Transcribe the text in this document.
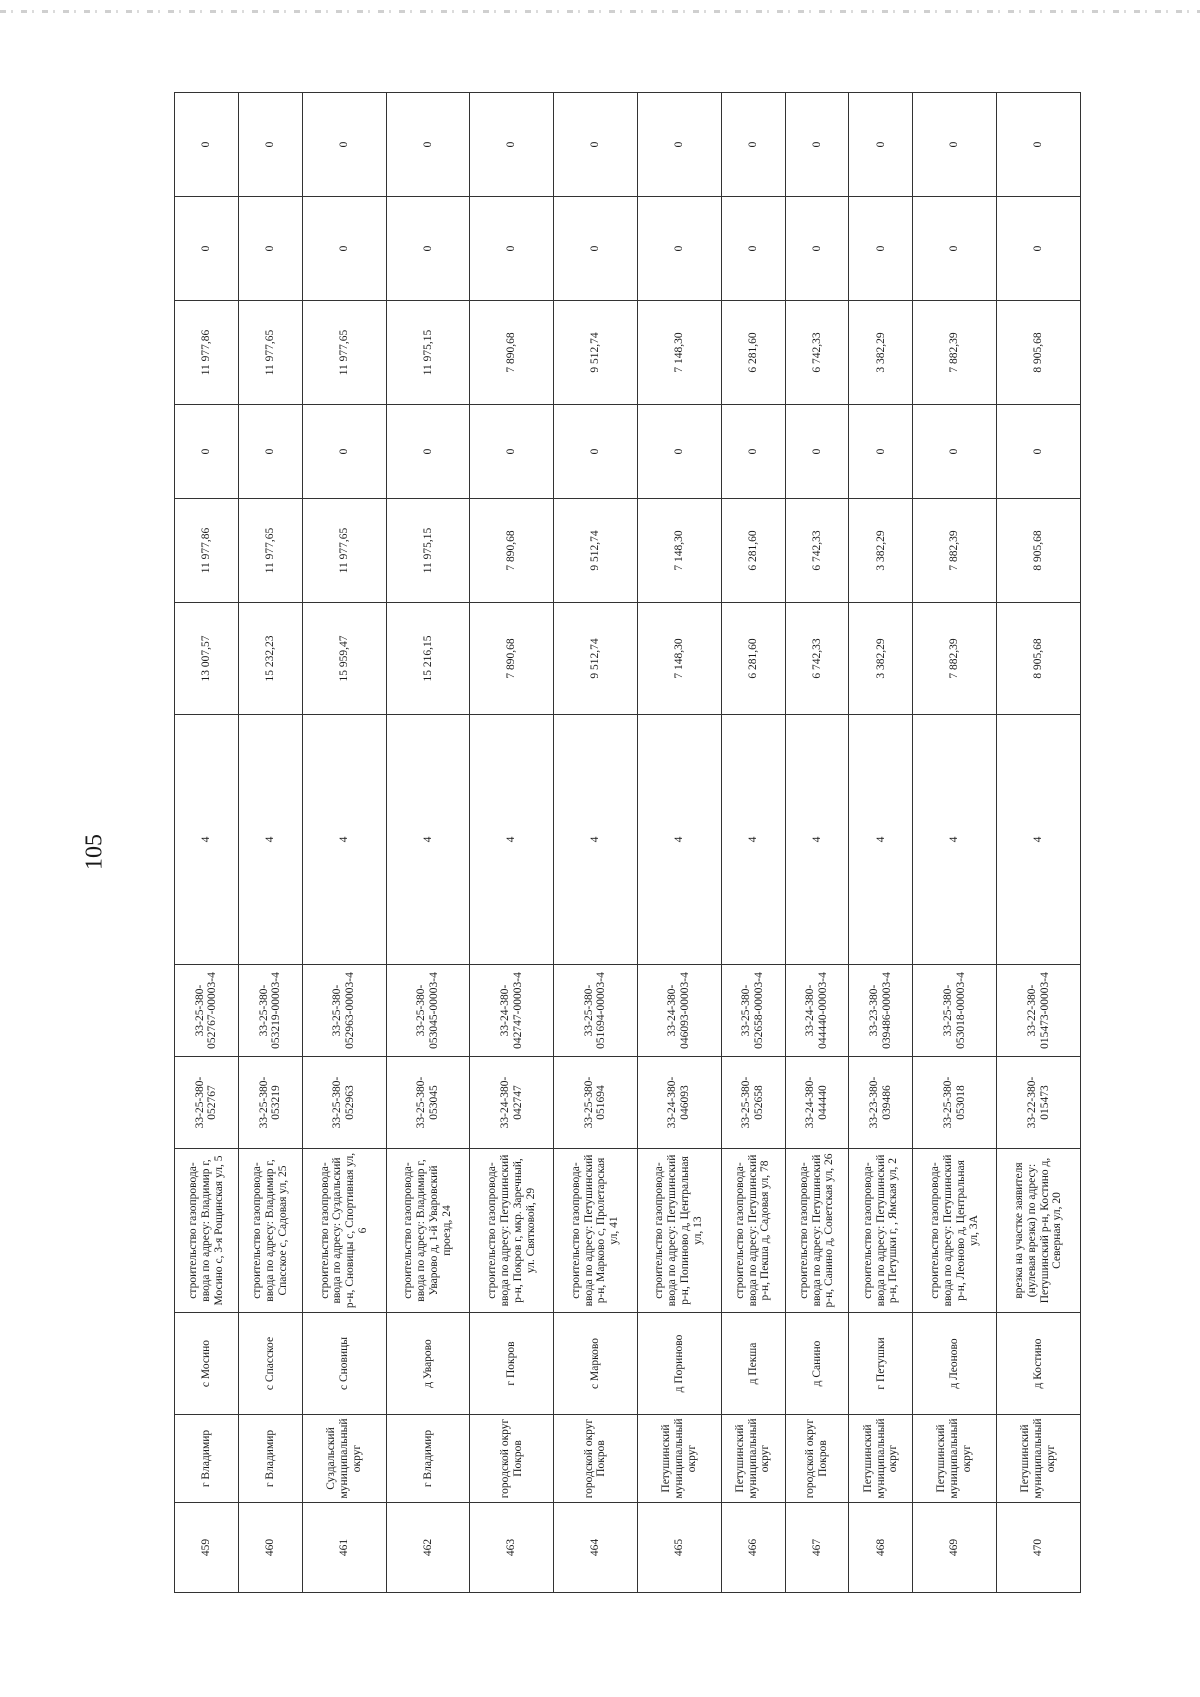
105
459	г Владимир	с Мосино	строительство газопровода-ввода по адресу: Владимир г, Мосино с, 3-я Рощинская ул, 5	33-25-380-052767	33-25-380-052767-00003-4	4	13 007,57	11 977,86	0	11 977,86	0	0
460	г Владимир	с Спасское	строительство газопровода-ввода по адресу: Владимир г, Спасское с, Садовая ул, 25	33-25-380-053219	33-25-380-053219-00003-4	4	15 232,23	11 977,65	0	11 977,65	0	0
461	Суздальский муниципальный округ	с Сновицы	строительство газопровода-ввода по адресу: Суздальский р-н, Сновицы с, Спортивная ул, 6	33-25-380-052963	33-25-380-052963-00003-4	4	15 959,47	11 977,65	0	11 977,65	0	0
462	г Владимир	д Уварово	строительство газопровода-ввода по адресу: Владимир г, Уварово д, 1-й Уваровский проезд, 24	33-25-380-053045	33-25-380-053045-00003-4	4	15 216,15	11 975,15	0	11 975,15	0	0
463	городской округ Покров	г Покров	строительство газопровода-ввода по адресу: Петушинский р-н, Покров г, мкр. Заречный, ул. Святковой, 29	33-24-380-042747	33-24-380-042747-00003-4	4	7 890,68	7 890,68	0	7 890,68	0	0
464	городской округ Покров	с Марково	строительство газопровода-ввода по адресу: Петушинский р-н, Марково с, Пролетарская ул, 41	33-25-380-051694	33-25-380-051694-00003-4	4	9 512,74	9 512,74	0	9 512,74	0	0
465	Петушинский муниципальный округ	д Пopиново	строительство газопровода-ввода по адресу: Петушинский р-н, Попиново д, Центральная ул, 13	33-24-380-046093	33-24-380-046093-00003-4	4	7 148,30	7 148,30	0	7 148,30	0	0
466	Петушинский муниципальный округ	д Пекша	строительство газопровода-ввода по адресу: Петушинский р-н, Пекша д, Садовая ул, 78	33-25-380-052658	33-25-380-052658-00003-4	4	6 281,60	6 281,60	0	6 281,60	0	0
467	городской округ Покров	д Санино	строительство газопровода-ввода по адресу: Петушинский р-н, Санино д, Советская ул, 26	33-24-380-044440	33-24-380-044440-00003-4	4	6 742,33	6 742,33	0	6 742,33	0	0
468	Петушинский муниципальный округ	г Петушки	строительство газопровода-ввода по адресу: Петушинский р-н, Петушки г, , Ямская ул, 2	33-23-380-039486	33-23-380-039486-00003-4	4	3 382,29	3 382,29	0	3 382,29	0	0
469	Петушинский муниципальный округ	д Леоново	строительство газопровода-ввода по адресу: Петушинский р-н, Леоново д, Центральная ул, 3А	33-25-380-053018	33-25-380-053018-00003-4	4	7 882,39	7 882,39	0	7 882,39	0	0
470	Петушинский муниципальный округ	д Костино	врезка на участке заявителя (нулевая врезка) по адресу: Петушинский р-н, Костино д, Северная ул, 20	33-22-380-015473	33-22-380-015473-00003-4	4	8 905,68	8 905,68	0	8 905,68	0	0
